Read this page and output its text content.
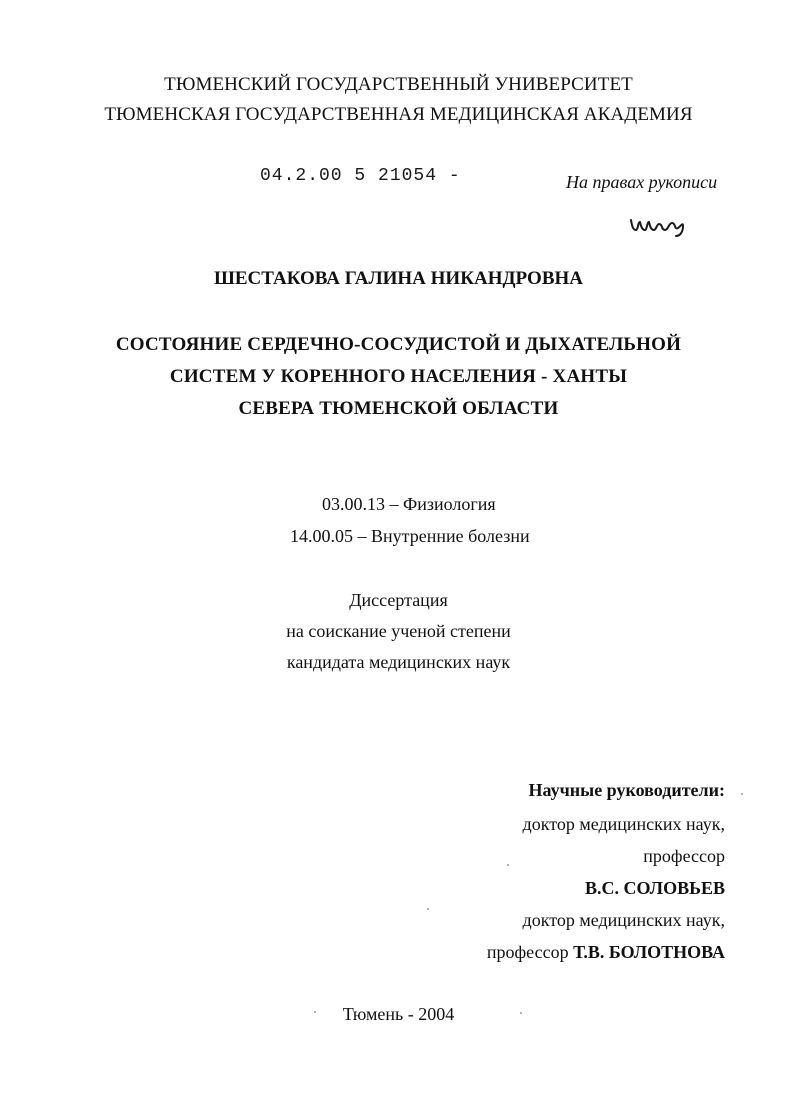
ТЮМЕНСКИЙ ГОСУДАРСТВЕННЫЙ УНИВЕРСИТЕТ
ТЮМЕНСКАЯ ГОСУДАРСТВЕННАЯ МЕДИЦИНСКАЯ АКАДЕМИЯ
04.2.00 5 21054 -	На правах рукописи
ШЕСТАКОВА ГАЛИНА НИКАНДРОВНА
СОСТОЯНИЕ СЕРДЕЧНО-СОСУДИСТОЙ И ДЫХАТЕЛЬНОЙ
СИСТЕМ У КОРЕННОГО НАСЕЛЕНИЯ - ХАНТЫ
СЕВЕРА ТЮМЕНСКОЙ ОБЛАСТИ
03.00.13 – Физиология
14.00.05 – Внутренние болезни
Диссертация
на соискание ученой степени
кандидата медицинских наук
Научные руководители:
доктор медицинских наук,
профессор
В.С. СОЛОВЬЕВ
доктор медицинских наук,
профессор Т.В. БОЛОТНОВА
Тюмень - 2004
